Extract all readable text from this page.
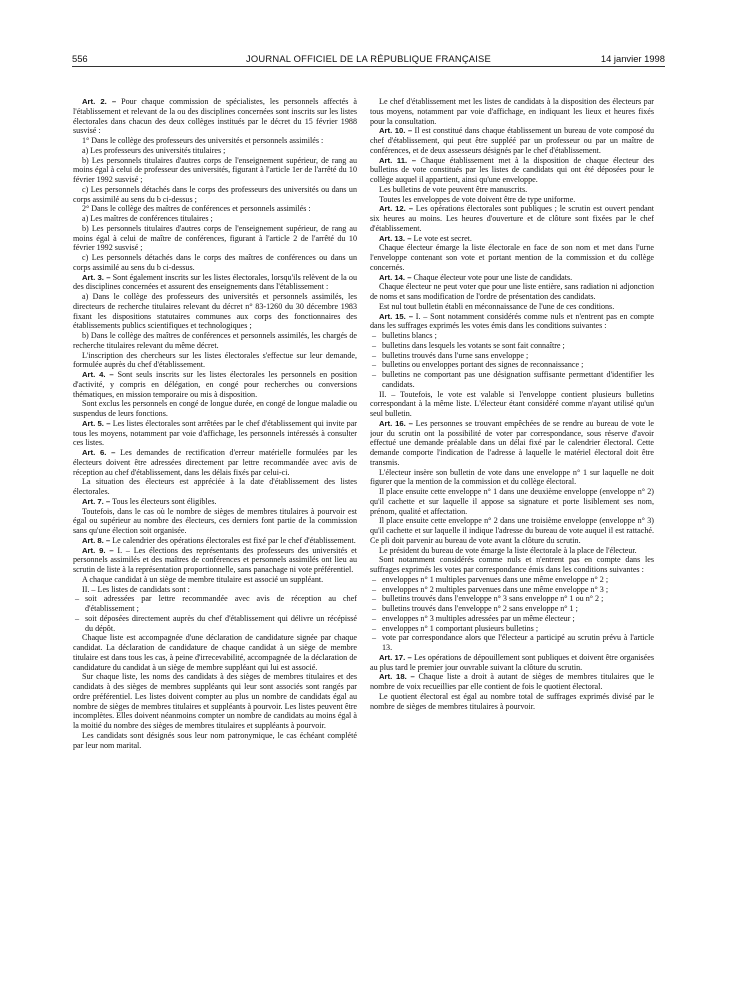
556	JOURNAL OFFICIEL DE LA RÉPUBLIQUE FRANÇAISE	14 janvier 1998

Art. 2. – Pour chaque commission de spécialistes, les personnels affectés à l'établissement et relevant de la ou des disciplines concernées sont inscrits sur les listes électorales dans chacun des deux collèges institués par le décret du 15 février 1988 susvisé :

1° Dans le collège des professeurs des universités et personnels assimilés :

a) Les professeurs des universités titulaires ;

b) Les personnels titulaires d'autres corps de l'enseignement supérieur, de rang au moins égal à celui de professeur des universités, figurant à l'article 1er de l'arrêté du 10 février 1992 susvisé ;

c) Les personnels détachés dans le corps des professeurs des universités ou dans un corps assimilé au sens du b ci-dessus ;

2° Dans le collège des maîtres de conférences et personnels assimilés :

a) Les maîtres de conférences titulaires ;

b) Les personnels titulaires d'autres corps de l'enseignement supérieur, de rang au moins égal à celui de maître de conférences, figurant à l'article 2 de l'arrêté du 10 février 1992 susvisé ;

c) Les personnels détachés dans le corps des maîtres de conférences ou dans un corps assimilé au sens du b ci-dessus.

Art. 3. – Sont également inscrits sur les listes électorales, lorsqu'ils relèvent de la ou des disciplines concernées et assurent des enseignements dans l'établissement :

a) Dans le collège des professeurs des universités et personnels assimilés, les directeurs de recherche titulaires relevant du décret n° 83-1260 du 30 décembre 1983 fixant les dispositions statutaires communes aux corps des fonctionnaires des établissements publics scientifiques et technologiques ;

b) Dans le collège des maîtres de conférences et personnels assimilés, les chargés de recherche titulaires relevant du même décret.

L'inscription des chercheurs sur les listes électorales s'effectue sur leur demande, formulée auprès du chef d'établissement.

Art. 4. – Sont seuls inscrits sur les listes électorales les personnels en position d'activité, y compris en délégation, en congé pour recherches ou conversions thématiques, en mission temporaire ou mis à disposition.

Sont exclus les personnels en congé de longue durée, en congé de longue maladie ou suspendus de leurs fonctions.

Art. 5. – Les listes électorales sont arrêtées par le chef d'établissement qui invite par tous les moyens, notamment par voie d'affichage, les personnels intéressés à consulter ces listes.

Art. 6. – Les demandes de rectification d'erreur matérielle formulées par les électeurs doivent être adressées directement par lettre recommandée avec avis de réception au chef d'établissement, dans les délais fixés par celui-ci.

La situation des électeurs est appréciée à la date d'établissement des listes électorales.

Art. 7. – Tous les électeurs sont éligibles.

Toutefois, dans le cas où le nombre de sièges de membres titulaires à pourvoir est égal ou supérieur au nombre des électeurs, ces derniers font partie de la commission sans qu'une élection soit organisée.

Art. 8. – Le calendrier des opérations électorales est fixé par le chef d'établissement.

Art. 9. – I. – Les élections des représentants des professeurs des universités et personnels assimilés et des maîtres de conférences et personnels assimilés ont lieu au scrutin de liste à la représentation proportionnelle, sans panachage ni vote préférentiel.

A chaque candidat à un siège de membre titulaire est associé un suppléant.

II. – Les listes de candidats sont :

– soit adressées par lettre recommandée avec avis de réception au chef d'établissement ;

– soit déposées directement auprès du chef d'établissement qui délivre un récépissé du dépôt.

Chaque liste est accompagnée d'une déclaration de candidature signée par chaque candidat. La déclaration de candidature de chaque candidat à un siège de membre titulaire est dans tous les cas, à peine d'irrecevabilité, accompagnée de la déclaration de candidature du candidat à un siège de membre suppléant qui lui est associé.

Sur chaque liste, les noms des candidats à des sièges de membres titulaires et des candidats à des sièges de membres suppléants qui leur sont associés sont rangés par ordre préférentiel. Les listes doivent compter au plus un nombre de candidats égal au nombre de sièges de membres titulaires et suppléants à pourvoir. Les listes peuvent être incomplètes. Elles doivent néanmoins compter un nombre de candidats au moins égal à la moitié du nombre des sièges de membres titulaires et suppléants à pourvoir.

Les candidats sont désignés sous leur nom patronymique, le cas échéant complété par leur nom marital.

Le chef d'établissement met les listes de candidats à la disposition des électeurs par tous moyens, notamment par voie d'affichage, en indiquant les lieux et heures fixés pour la consultation.

Art. 10. – Il est constitué dans chaque établissement un bureau de vote composé du chef d'établissement, qui peut être suppléé par un professeur ou par un maître de conférences, et de deux assesseurs désignés par le chef d'établissement.

Art. 11. – Chaque établissement met à la disposition de chaque électeur des bulletins de vote constitués par les listes de candidats qui ont été déposées pour le collège auquel il appartient, ainsi qu'une enveloppe.

Les bulletins de vote peuvent être manuscrits.

Toutes les enveloppes de vote doivent être de type uniforme.

Art. 12. – Les opérations électorales sont publiques ; le scrutin est ouvert pendant six heures au moins. Les heures d'ouverture et de clôture sont fixées par le chef d'établissement.

Art. 13. – Le vote est secret.

Chaque électeur émarge la liste électorale en face de son nom et met dans l'urne l'enveloppe contenant son vote et portant mention de la commission et du collège concernés.

Art. 14. – Chaque électeur vote pour une liste de candidats.

Chaque électeur ne peut voter que pour une liste entière, sans radiation ni adjonction de noms et sans modification de l'ordre de présentation des candidats.

Est nul tout bulletin établi en méconnaissance de l'une de ces conditions.

Art. 15. – I. – Sont notamment considérés comme nuls et n'entrent pas en compte dans les suffrages exprimés les votes émis dans les conditions suivantes :

– bulletins blancs ;

– bulletins dans lesquels les votants se sont fait connaître ;

– bulletins trouvés dans l'urne sans enveloppe ;

– bulletins ou enveloppes portant des signes de reconnaissance ;

– bulletins ne comportant pas une désignation suffisante permettant d'identifier les candidats.

II. – Toutefois, le vote est valable si l'enveloppe contient plusieurs bulletins correspondant à la même liste. L'électeur étant considéré comme n'ayant utilisé qu'un seul bulletin.

Art. 16. – Les personnes se trouvant empêchées de se rendre au bureau de vote le jour du scrutin ont la possibilité de voter par correspondance, sous réserve d'avoir effectué une demande préalable dans un délai fixé par le calendrier électoral. Cette demande comporte l'indication de l'adresse à laquelle le matériel électoral doit être transmis.

L'électeur insère son bulletin de vote dans une enveloppe n° 1 sur laquelle ne doit figurer que la mention de la commission et du collège électoral.

Il place ensuite cette enveloppe n° 1 dans une deuxième enveloppe (enveloppe n° 2) qu'il cachette et sur laquelle il appose sa signature et porte lisiblement ses nom, prénom, qualité et affectation.

Il place ensuite cette enveloppe n° 2 dans une troisième enveloppe (enveloppe n° 3) qu'il cachette et sur laquelle il indique l'adresse du bureau de vote auquel il est rattaché. Ce pli doit parvenir au bureau de vote avant la clôture du scrutin.

Le président du bureau de vote émarge la liste électorale à la place de l'électeur.

Sont notamment considérés comme nuls et n'entrent pas en compte dans les suffrages exprimés les votes par correspondance émis dans les conditions suivantes :

– enveloppes n° 1 multiples parvenues dans une même enveloppe n° 2 ;

– enveloppes n° 2 multiples parvenues dans une même enveloppe n° 3 ;

– bulletins trouvés dans l'enveloppe n° 3 sans enveloppe n° 1 ou n° 2 ;

– bulletins trouvés dans l'enveloppe n° 2 sans enveloppe n° 1 ;

– enveloppes n° 3 multiples adressées par un même électeur ;

– enveloppes n° 1 comportant plusieurs bulletins ;

– vote par correspondance alors que l'électeur a participé au scrutin prévu à l'article 13.

Art. 17. – Les opérations de dépouillement sont publiques et doivent être organisées au plus tard le premier jour ouvrable suivant la clôture du scrutin.

Art. 18. – Chaque liste a droit à autant de sièges de membres titulaires que le nombre de voix recueillies par elle contient de fois le quotient électoral.

Le quotient électoral est égal au nombre total de suffrages exprimés divisé par le nombre de sièges de membres titulaires à pourvoir.
